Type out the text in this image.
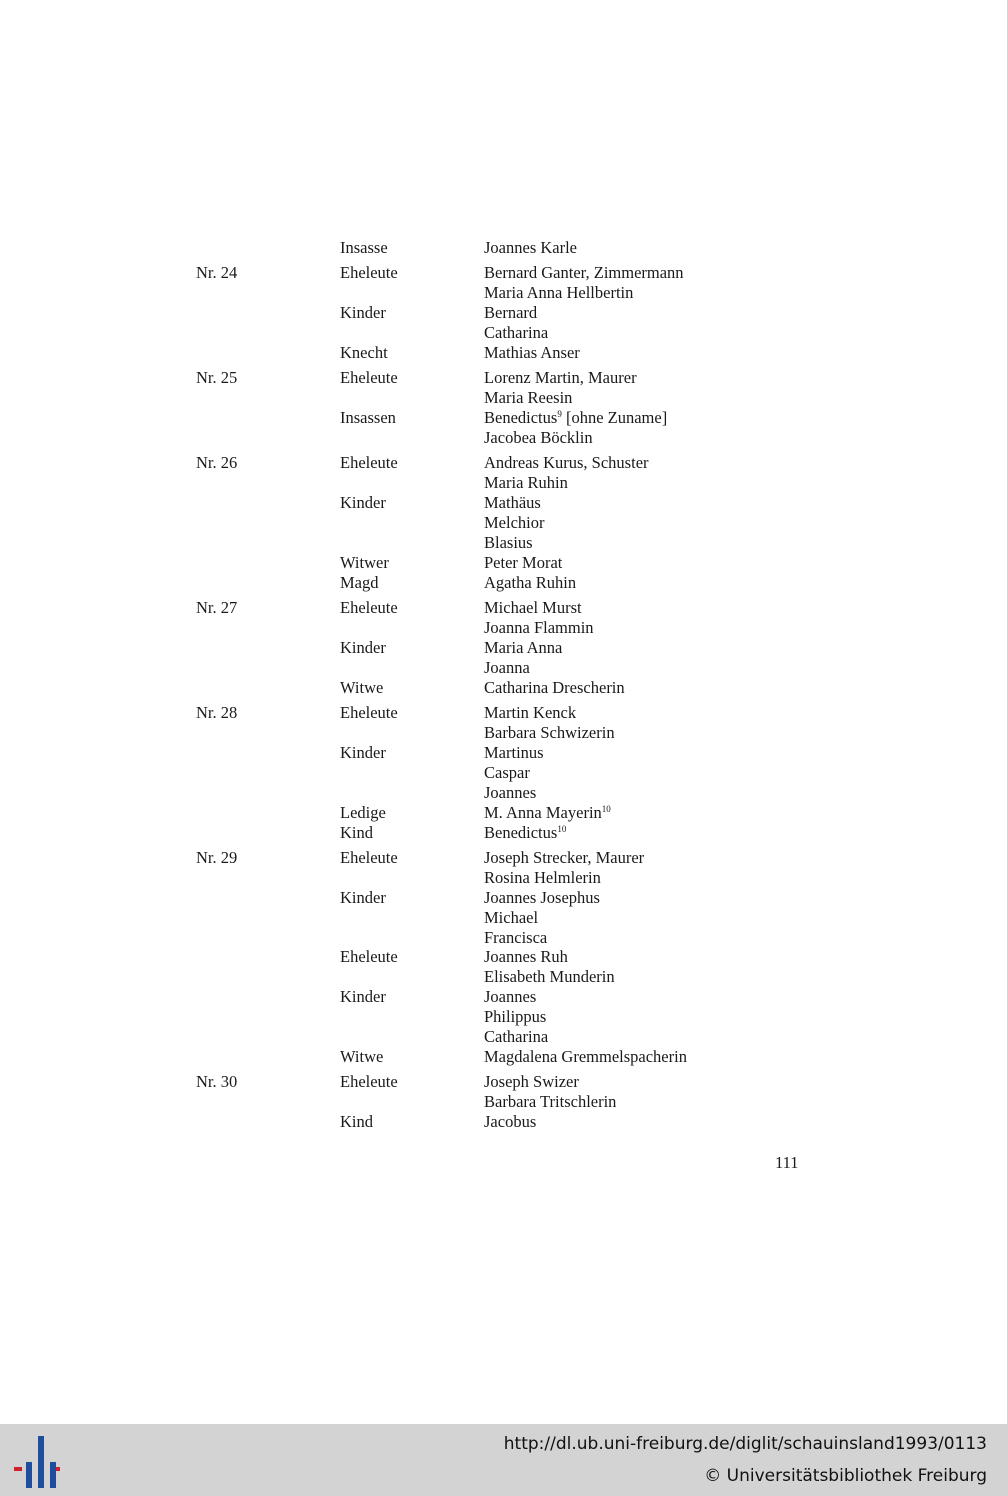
Insasse	Joannes Karle
Nr. 24	Eheleute	Bernard Ganter, Zimmermann
Maria Anna Hellbertin
Kinder	Bernard
Catharina
Knecht	Mathias Anser
Nr. 25	Eheleute	Lorenz Martin, Maurer
Maria Reesin
Insassen	Benedictus$^9$ [ohne Zuname]
Jacobea Böcklin
Nr. 26	Eheleute	Andreas Kurus, Schuster
Maria Ruhin
Kinder	Mathäus
Melchior
Blasius
Witwer	Peter Morat
Magd	Agatha Ruhin
Nr. 27	Eheleute	Michael Murst
Joanna Flammin
Kinder	Maria Anna
Joanna
Witwe	Catharina Drescherin
Nr. 28	Eheleute	Martin Kenck
Barbara Schwizerin
Kinder	Martinus
Caspar
Joannes
Ledige	M. Anna Mayerin$^{10}$
Kind	Benedictus$^{10}$
Nr. 29	Eheleute	Joseph Strecker, Maurer
Rosina Helmlerin
Kinder	Joannes Josephus
Michael
Francisca
Eheleute	Joannes Ruh
Elisabeth Munderin
Kinder	Joannes
Philippus
Catharina
Witwe	Magdalena Gremmelspacherin
Nr. 30	Eheleute	Joseph Swizer
Barbara Tritschlerin
Kind	Jacobus
111
http://dl.ub.uni-freiburg.de/diglit/schauinsland1993/0113
© Universitätsbibliothek Freiburg
